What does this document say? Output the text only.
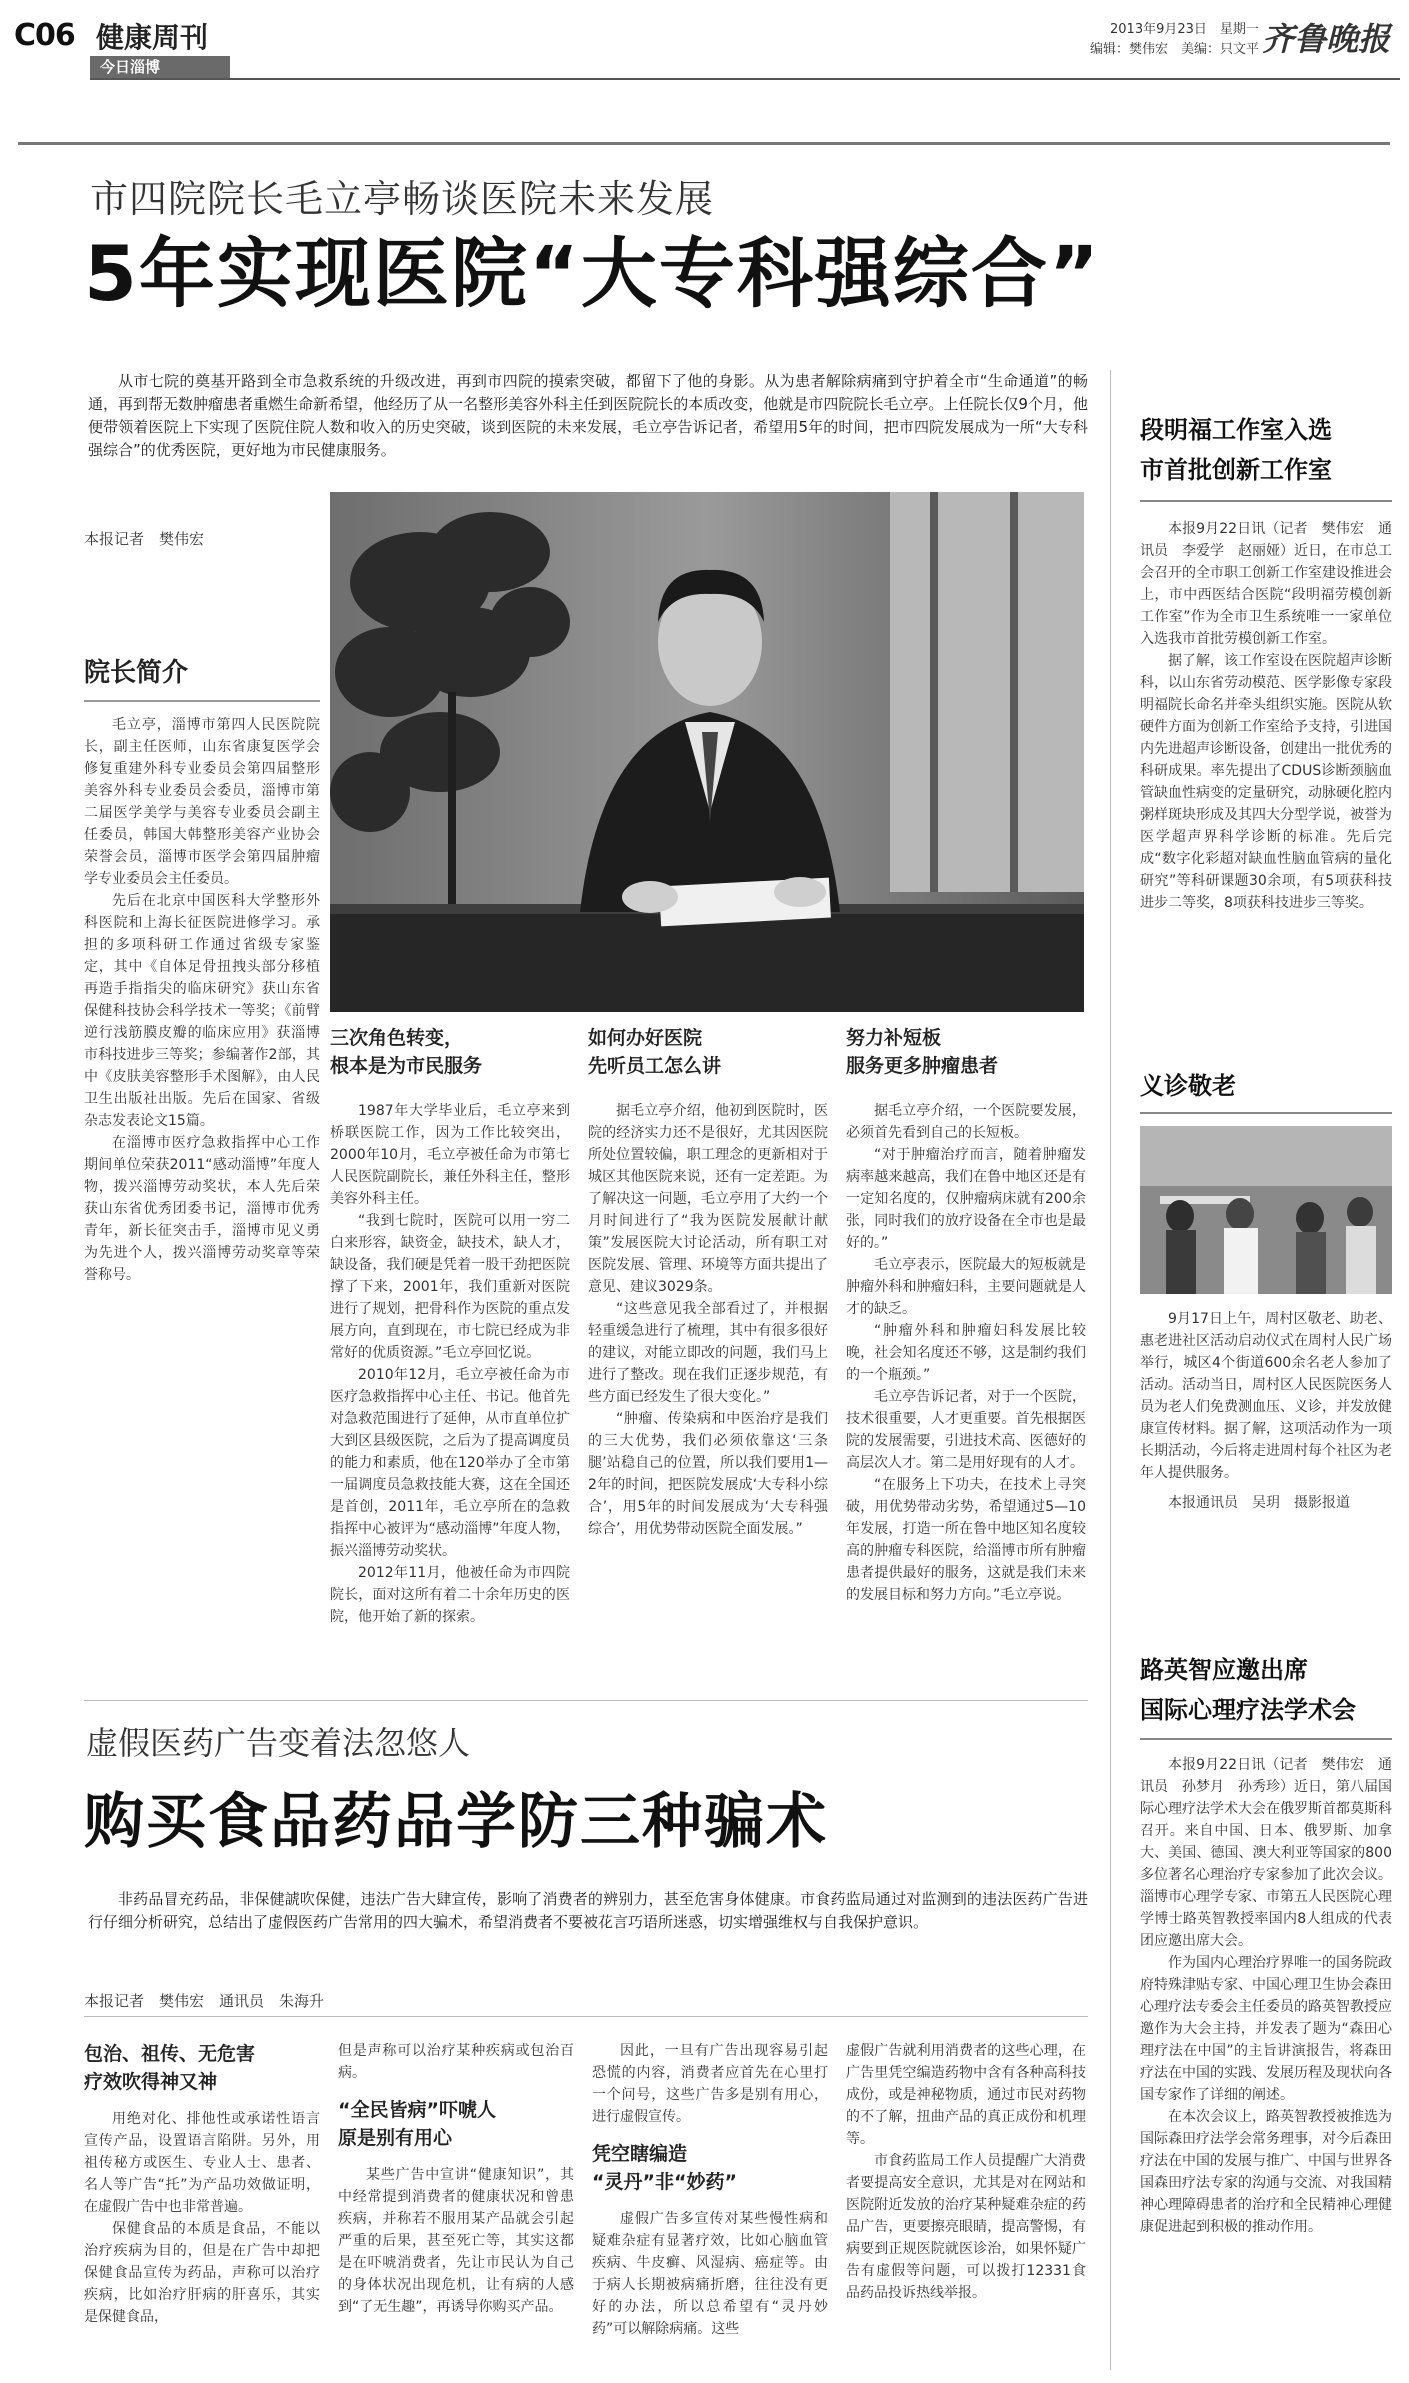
C06 健康周刊
今日淄博
2013年9月23日　星期一
编辑：樊伟宏　美编：只文平 齐鲁晚报
市四院院长毛立亭畅谈医院未来发展
5年实现医院“大专科强综合”
从市七院的奠基开路到全市急救系统的升级改进，再到市四院的摸索突破，都留下了他的身影。从为患者解除病痛到守护着全市“生命通道”的畅通，再到帮无数肿瘤患者重燃生命新希望，他经历了从一名整形美容外科主任到医院院长的本质改变，他就是市四院院长毛立亭。上任院长仅9个月，他便带领着医院上下实现了医院住院人数和收入的历史突破，谈到医院的未来发展，毛立亭告诉记者，希望用5年的时间，把市四院发展成为一所“大专科强综合”的优秀医院，更好地为市民健康服务。
本报记者　樊伟宏
院长简介

毛立亭，淄博市第四人民医院院长，副主任医师，山东省康复医学会修复重建外科专业委员会第四届整形美容外科专业委员会委员，淄博市第二届医学美学与美容专业委员会副主任委员，韩国大韩整形美容产业协会荣誉会员，淄博市医学会第四届肿瘤学专业委员会主任委员。

先后在北京中国医科大学整形外科医院和上海长征医院进修学习。承担的多项科研工作通过省级专家鉴定，其中《自体足骨扭拽头部分移植再造手指指尖的临床研究》获山东省保健科技协会科学技术一等奖；《前臂逆行浅筋膜皮瓣的临床应用》获淄博市科技进步三等奖；参编著作2部，其中《皮肤美容整形手术图解》，由人民卫生出版社出版。先后在国家、省级杂志发表论文15篇。

在淄博市医疗急救指挥中心工作期间单位荣获2011“感动淄博”年度人物，拨兴淄博劳动奖状，本人先后荣获山东省优秀团委书记，淄博市优秀青年，新长征突击手，淄博市见义勇为先进个人，拨兴淄博劳动奖章等荣誉称号。

三次角色转变，
根本是为市民服务

1987年大学毕业后，毛立亭来到桥联医院工作，因为工作比较突出，2000年10月，毛立亭被任命为市第七人民医院副院长，兼任外科主任，整形美容外科主任。

“我到七院时，医院可以用一穷二白来形容，缺资金，缺技术，缺人才，缺设备，我们硬是凭着一股干劲把医院撑了下来，2001年，我们重新对医院进行了规划，把骨科作为医院的重点发展方向，直到现在，市七院已经成为非常好的优质资源。”毛立亭回忆说。

2010年12月，毛立亭被任命为市医疗急救指挥中心主任、书记。他首先对急救范围进行了延伸，从市直单位扩大到区县级医院，之后为了提高调度员的能力和素质，他在120举办了全市第一届调度员急救技能大赛，这在全国还是首创，2011年，毛立亭所在的急救指挥中心被评为“感动淄博”年度人物，振兴淄博劳动奖状。

2012年11月，他被任命为市四院院长，面对这所有着二十余年历史的医院，他开始了新的探索。

如何办好医院
先听员工怎么讲

据毛立亭介绍，他初到医院时，医院的经济实力还不是很好，尤其因医院所处位置较偏，职工理念的更新相对于城区其他医院来说，还有一定差距。为了解决这一问题，毛立亭用了大约一个月时间进行了“我为医院发展献计献策”发展医院大讨论活动，所有职工对医院发展、管理、环境等方面共提出了意见、建议3029条。

“这些意见我全部看过了，并根据轻重缓急进行了梳理，其中有很多很好的建议，对能立即改的问题，我们马上进行了整改。现在我们正逐步规范，有些方面已经发生了很大变化。”

“肿瘤、传染病和中医治疗是我们的三大优势，我们必须依靠这‘三条腿’站稳自己的位置，所以我们要用1—2年的时间，把医院发展成‘大专科小综合’，用5年的时间发展成为‘大专科强综合’，用优势带动医院全面发展。”

努力补短板
服务更多肿瘤患者

据毛立亭介绍，一个医院要发展，必须首先看到自己的长短板。

“对于肿瘤治疗而言，随着肿瘤发病率越来越高，我们在鲁中地区还是有一定知名度的，仅肿瘤病床就有200余张，同时我们的放疗设备在全市也是最好的。”

毛立亭表示，医院最大的短板就是肿瘤外科和肿瘤妇科，主要问题就是人才的缺乏。

“肿瘤外科和肿瘤妇科发展比较晚，社会知名度还不够，这是制约我们的一个瓶颈。”

毛立亭告诉记者，对于一个医院，技术很重要，人才更重要。首先根据医院的发展需要，引进技术高、医德好的高层次人才。第二是用好现有的人才。

“在服务上下功夫，在技术上寻突破，用优势带动劣势，希望通过5—10年发展，打造一所在鲁中地区知名度较高的肿瘤专科医院，给淄博市所有肿瘤患者提供最好的服务，这就是我们未来的发展目标和努力方向。”毛立亭说。

段明福工作室入选
市首批创新工作室

本报9月22日讯（记者　樊伟宏　通讯员　李爱学　赵丽娅）近日，在市总工会召开的全市职工创新工作室建设推进会上，市中西医结合医院“段明福劳模创新工作室”作为全市卫生系统唯一一家单位入选我市首批劳模创新工作室。

据了解，该工作室设在医院超声诊断科，以山东省劳动模范、医学影像专家段明福院长命名并牵头组织实施。医院从软硬件方面为创新工作室给予支持，引进国内先进超声诊断设备，创建出一批优秀的科研成果。率先提出了CDUS诊断颈脑血管缺血性病变的定量研究，动脉硬化腔内粥样斑块形成及其四大分型学说，被誉为医学超声界科学诊断的标准。先后完成“数字化彩超对缺血性脑血管病的量化研究”等科研课题30余项，有5项获科技进步二等奖，8项获科技进步三等奖。

义诊敬老

9月17日上午，周村区敬老、助老、惠老进社区活动启动仪式在周村人民广场举行，城区4个街道600余名老人参加了活动。活动当日，周村区人民医院医务人员为老人们免费测血压、义诊，并发放健康宣传材料。据了解，这项活动作为一项长期活动，今后将走进周村每个社区为老年人提供服务。

本报通讯员　吴玥　摄影报道

路英智应邀出席
国际心理疗法学术会

本报9月22日讯（记者　樊伟宏　通讯员　孙梦月　孙秀珍）近日，第八届国际心理疗法学术大会在俄罗斯首都莫斯科召开。来自中国、日本、俄罗斯、加拿大、美国、德国、澳大利亚等国家的800多位著名心理治疗专家参加了此次会议。淄博市心理学专家、市第五人民医院心理学博士路英智教授率国内8人组成的代表团应邀出席大会。

作为国内心理治疗界唯一的国务院政府特殊津贴专家、中国心理卫生协会森田心理疗法专委会主任委员的路英智教授应邀作为大会主持，并发表了题为“森田心理疗法在中国”的主旨讲演报告，将森田疗法在中国的实践、发展历程及现状向各国专家作了详细的阐述。

在本次会议上，路英智教授被推选为国际森田疗法学会常务理事，对今后森田疗法在中国的发展与推广、中国与世界各国森田疗法专家的沟通与交流、对我国精神心理障碍患者的治疗和全民精神心理健康促进起到积极的推动作用。

虚假医药广告变着法忽悠人
购买食品药品学防三种骗术
非药品冒充药品，非保健諕吹保健，违法广告大肆宣传，影响了消费者的辨别力，甚至危害身体健康。市食药监局通过对监测到的违法医药广告进行仔细分析研究，总结出了虚假医药广告常用的四大骗术，希望消费者不要被花言巧语所迷惑，切实增强维权与自我保护意识。
本报记者　樊伟宏　通讯员　朱海升
包治、祖传、无危害
疗效吹得神又神

用绝对化、排他性或承诺性语言宣传产品，设置语言陷阱。另外，用祖传秘方或医生、专业人士、患者、名人等广告“托”为产品功效做证明，在虚假广告中也非常普遍。

保健食品的本质是食品，不能以治疗疾病为目的，但是在广告中却把保健食品宣传为药品，声称可以治疗疾病，比如治疗肝病的肝喜乐，其实是保健食品，

但是声称可以治疗某种疾病或包治百病。

“全民皆病”吓唬人
原是别有用心

某些广告中宣讲“健康知识”，其中经常提到消费者的健康状况和曾患疾病，并称若不服用某产品就会引起严重的后果，甚至死亡等，其实这都是在吓唬消费者，先让市民认为自己的身体状况出现危机，让有病的人感到“了无生趣”，再诱导你购买产品。

因此，一旦有广告出现容易引起恐慌的内容，消费者应首先在心里打一个问号，这些广告多是别有用心，进行虚假宣传。

凭空瞎编造
“灵丹”非“妙药”

虚假广告多宣传对某些慢性病和疑难杂症有显著疗效，比如心脑血管疾病、牛皮癣、风湿病、癌症等。由于病人长期被病痛折磨，往往没有更好的办法，所以总希望有“灵丹妙药”可以解除病痛。这些

虚假广告就利用消费者的这些心理，在广告里凭空编造药物中含有各种高科技成份，或是神秘物质，通过市民对药物的不了解，扭曲产品的真正成份和机理等。

市食药监局工作人员提醒广大消费者要提高安全意识，尤其是对在网站和医院附近发放的治疗某种疑难杂症的药品广告，更要擦亮眼睛，提高警惕，有病要到正规医院就医诊治，如果怀疑广告有虚假等问题，可以拨打12331食品药品投诉热线举报。
